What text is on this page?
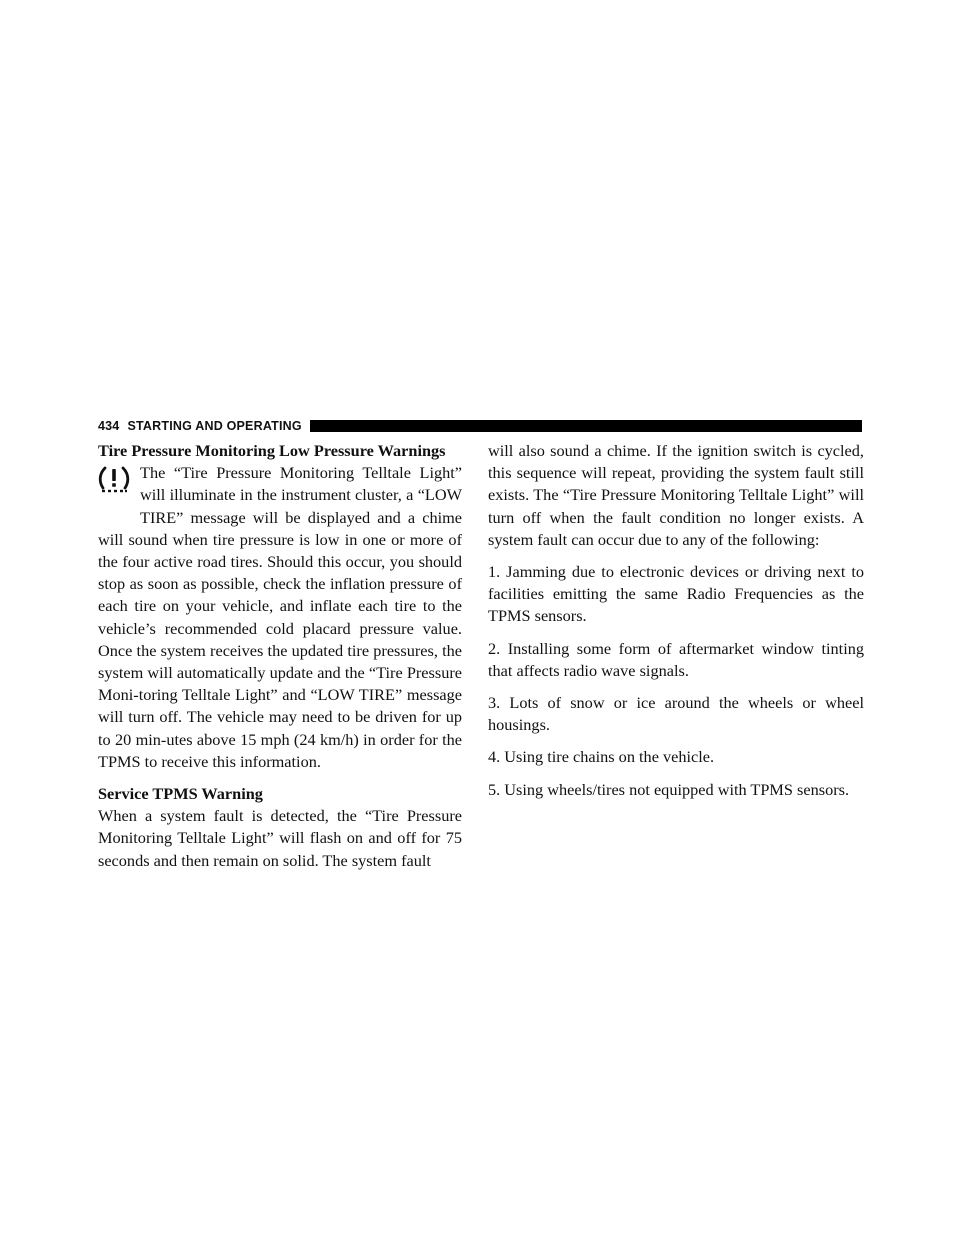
434 STARTING AND OPERATING

Tire Pressure Monitoring Low Pressure Warnings

The “Tire Pressure Monitoring Telltale Light” will illuminate in the instrument cluster, a “LOW TIRE” message will be displayed and a chime will sound when tire pressure is low in one or more of the four active road tires. Should this occur, you should stop as soon as possible, check the inflation pressure of each tire on your vehicle, and inflate each tire to the vehicle’s recommended cold placard pressure value. Once the system receives the updated tire pressures, the system will automatically update and the “Tire Pressure Moni-toring Telltale Light” and “LOW TIRE” message will turn off. The vehicle may need to be driven for up to 20 min-utes above 15 mph (24 km/h) in order for the TPMS to receive this information.

Service TPMS Warning

When a system fault is detected, the “Tire Pressure Monitoring Telltale Light” will flash on and off for 75 seconds and then remain on solid. The system fault

will also sound a chime. If the ignition switch is cycled, this sequence will repeat, providing the system fault still exists. The “Tire Pressure Monitoring Telltale Light” will turn off when the fault condition no longer exists. A system fault can occur due to any of the following:

1. Jamming due to electronic devices or driving next to facilities emitting the same Radio Frequencies as the TPMS sensors.

2. Installing some form of aftermarket window tinting that affects radio wave signals.

3. Lots of snow or ice around the wheels or wheel housings.

4. Using tire chains on the vehicle.

5. Using wheels/tires not equipped with TPMS sensors.
